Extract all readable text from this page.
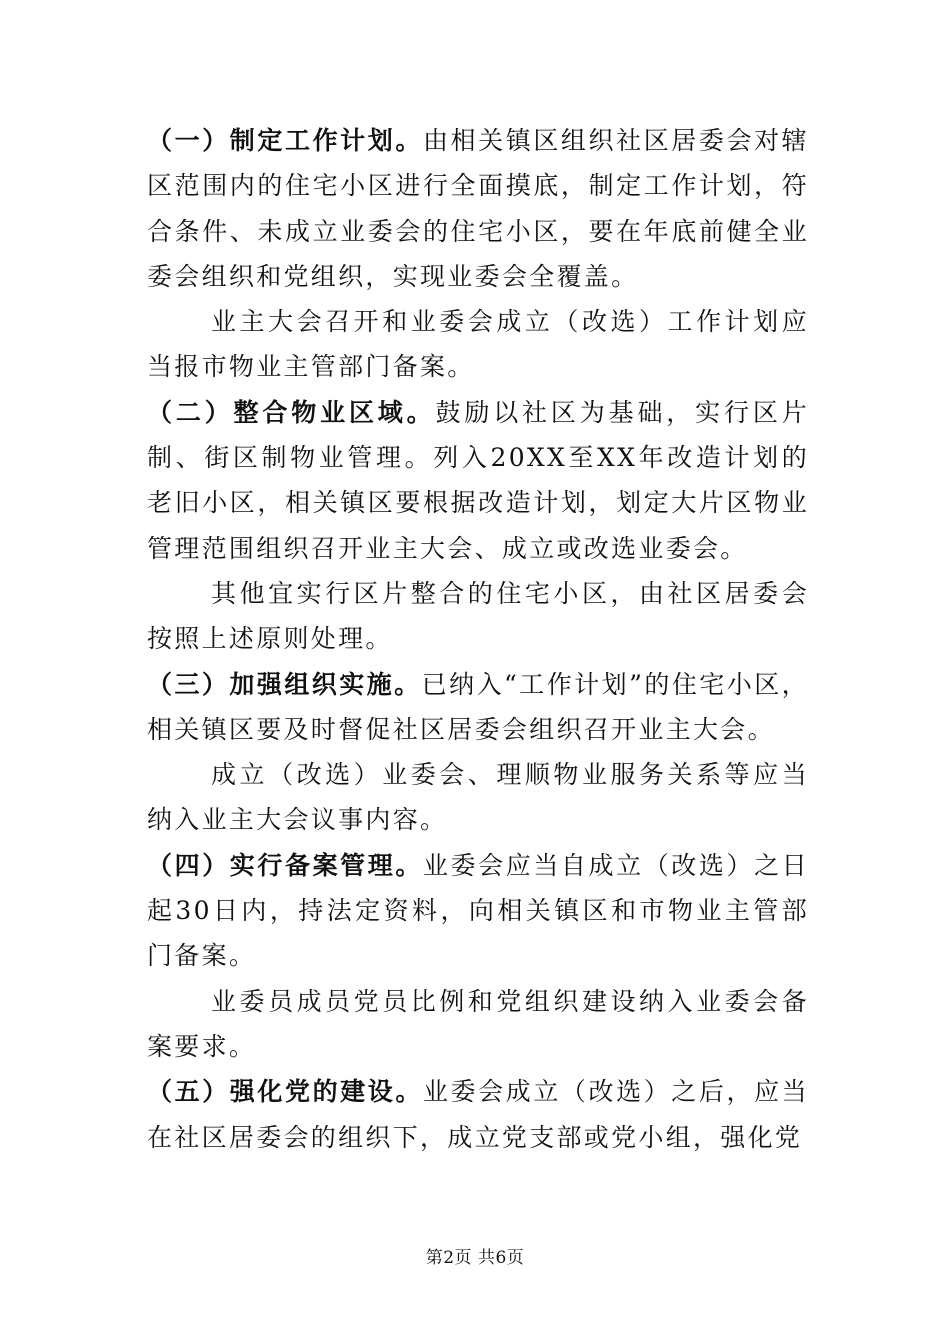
（一）制定工作计划。由相关镇区组织社区居委会对辖区范围内的住宅小区进行全面摸底，制定工作计划，符合条件、未成立业委会的住宅小区，要在年底前健全业委会组织和党组织，实现业委会全覆盖。

业主大会召开和业委会成立（改选）工作计划应当报市物业主管部门备案。

（二）整合物业区域。鼓励以社区为基础，实行区片制、街区制物业管理。列入20XX至XX年改造计划的老旧小区，相关镇区要根据改造计划，划定大片区物业管理范围组织召开业主大会、成立或改选业委会。

其他宜实行区片整合的住宅小区，由社区居委会按照上述原则处理。

（三）加强组织实施。已纳入“工作计划”的住宅小区，相关镇区要及时督促社区居委会组织召开业主大会。

成立（改选）业委会、理顺物业服务关系等应当纳入业主大会议事内容。

（四）实行备案管理。业委会应当自成立（改选）之日起30日内，持法定资料，向相关镇区和市物业主管部门备案。

业委员成员党员比例和党组织建设纳入业委会备案要求。

（五）强化党的建设。业委会成立（改选）之后，应当在社区居委会的组织下，成立党支部或党小组，强化党

第2页 共6页
